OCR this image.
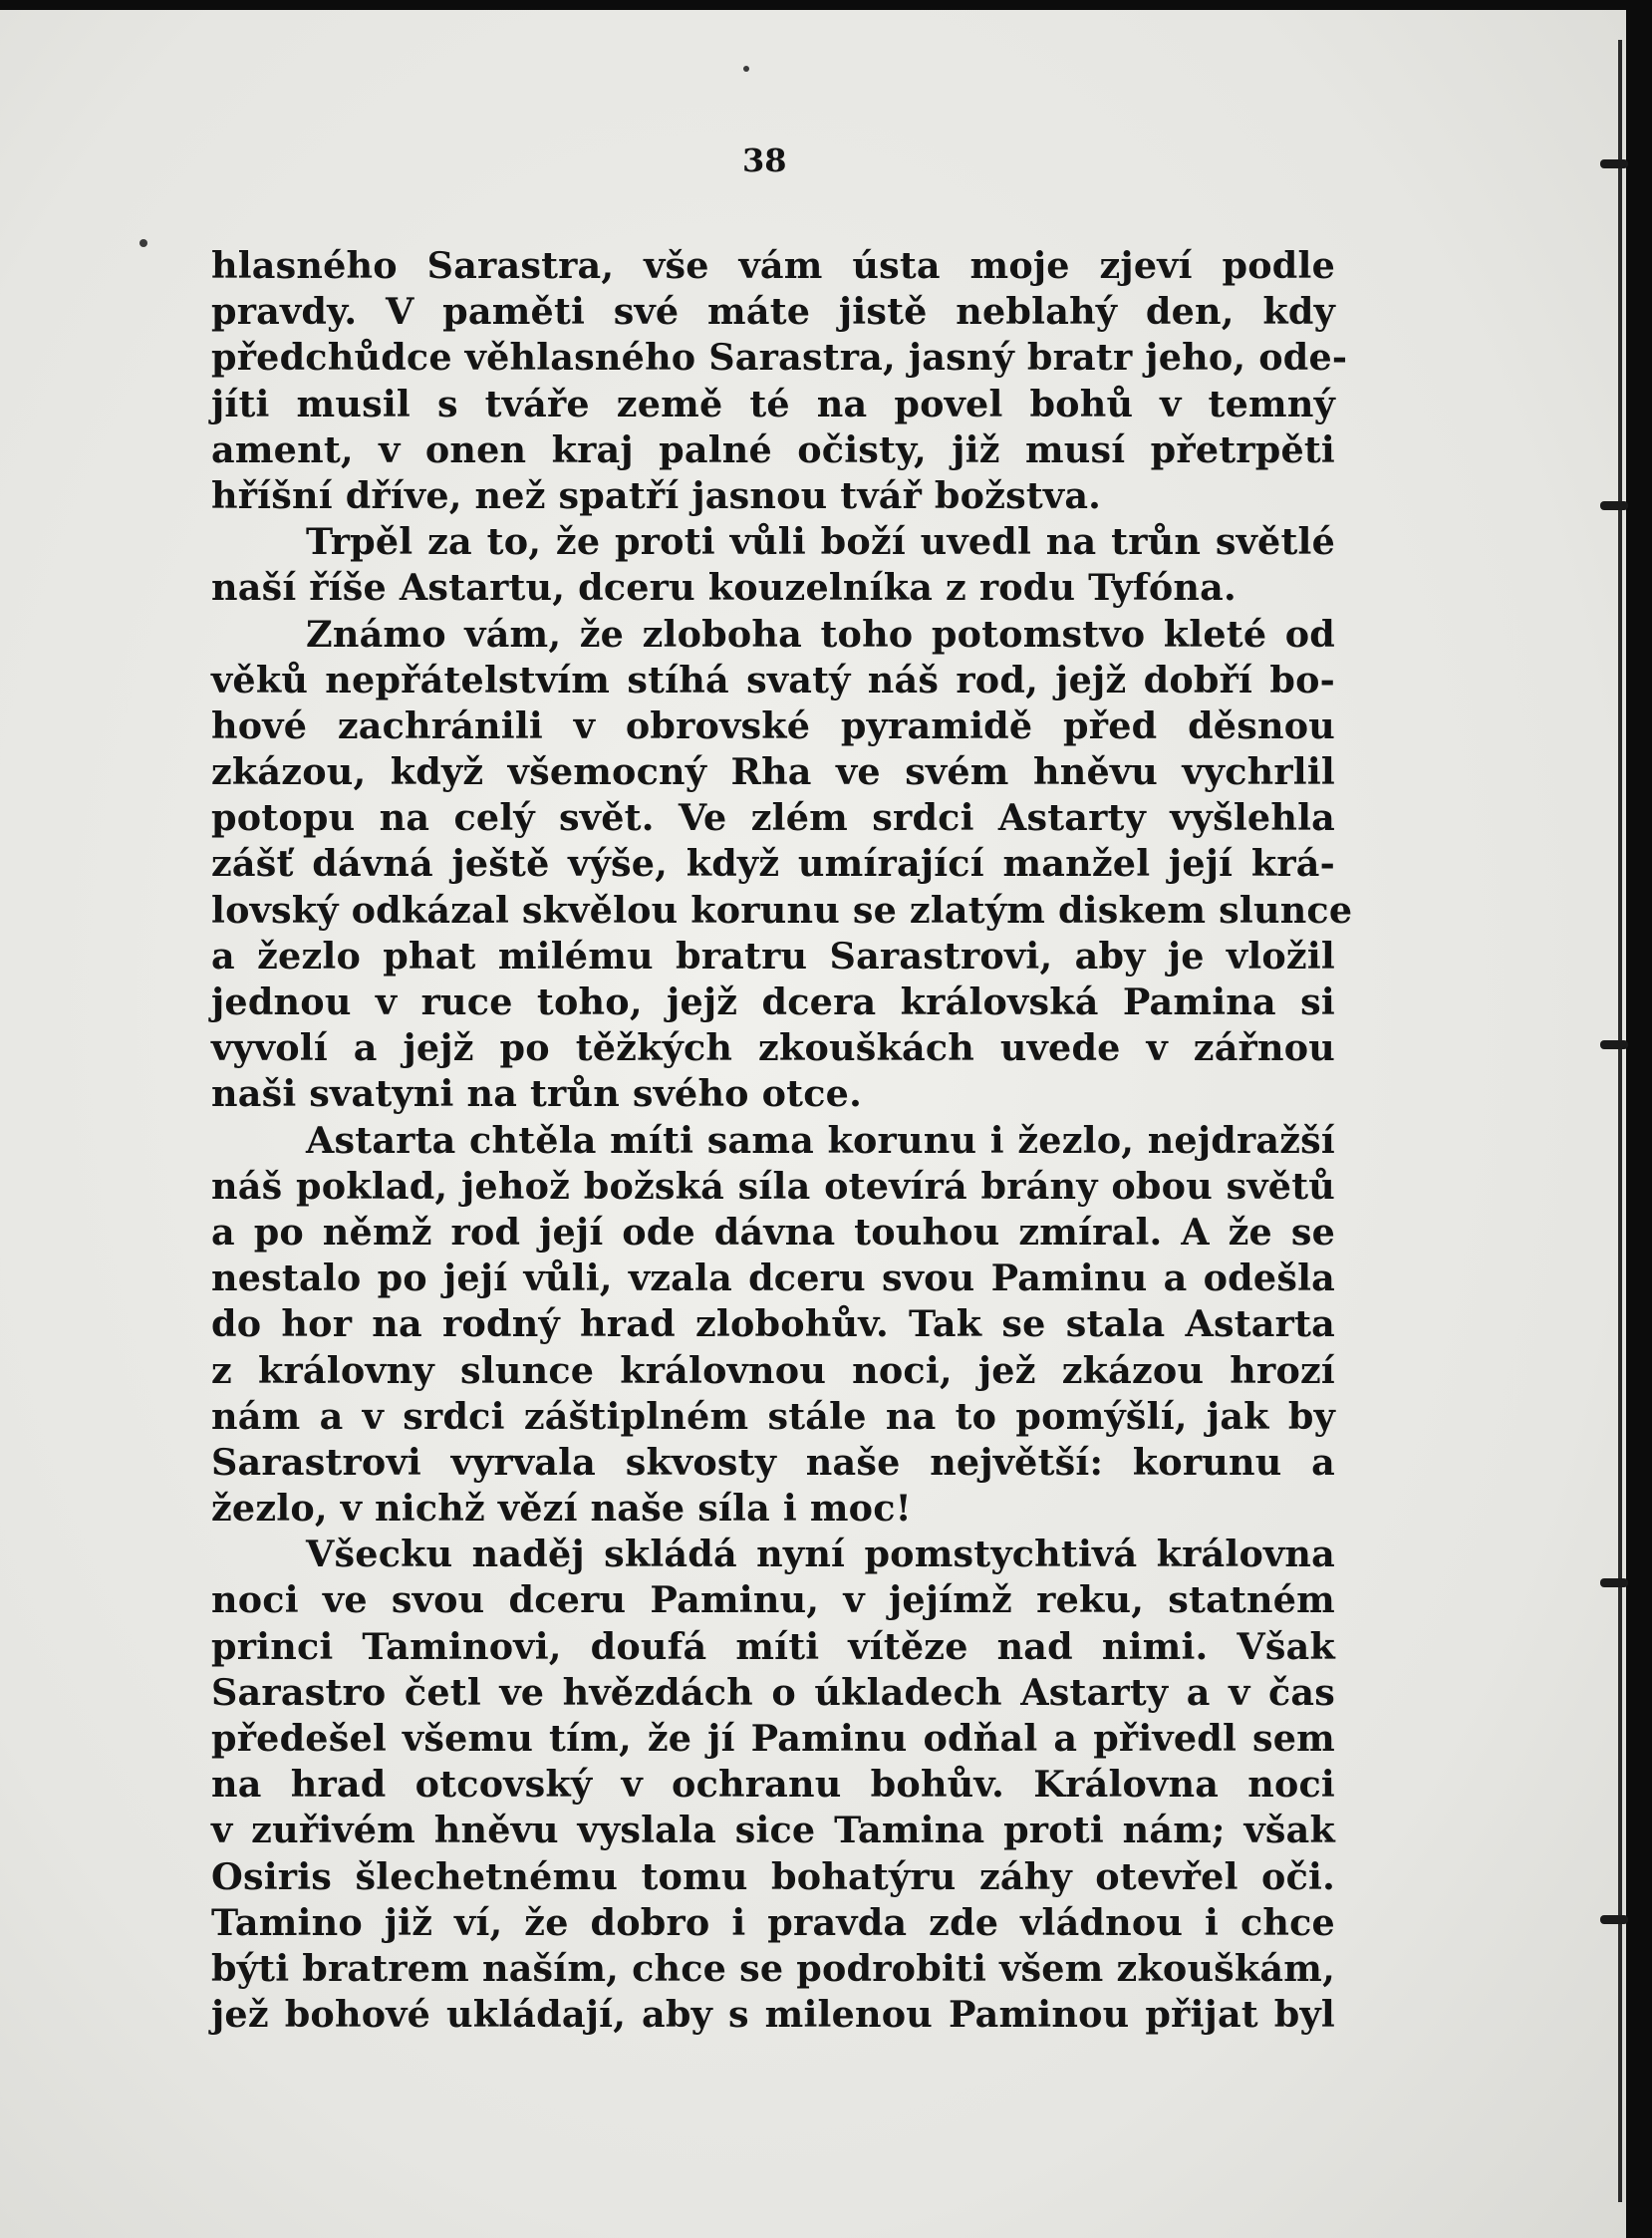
38
hlasného Sarastra, vše vám ústa moje zjeví podle
pravdy. V paměti své máte jistě neblahý den, kdy
předchůdce věhlasného Sarastra, jasný bratr jeho, ode-
jíti musil s tváře země té na povel bohů v temný
ament, v onen kraj palné očisty, již musí přetrpěti
hříšní dříve, než spatří jasnou tvář božstva.
Trpěl za to, že proti vůli boží uvedl na trůn světlé
naší říše Astartu, dceru kouzelníka z rodu Tyfóna.
Známo vám, že zloboha toho potomstvo kleté od
věků nepřátelstvím stíhá svatý náš rod, jejž dobří bo-
hové zachránili v obrovské pyramidě před děsnou
zkázou, když všemocný Rha ve svém hněvu vychrlil
potopu na celý svět. Ve zlém srdci Astarty vyšlehla
zášť dávná ještě výše, když umírající manžel její krá-
lovský odkázal skvělou korunu se zlatým diskem slunce
a žezlo phat milému bratru Sarastrovi, aby je vložil
jednou v ruce toho, jejž dcera královská Pamina si
vyvolí a jejž po těžkých zkouškách uvede v zářnou
naši svatyni na trůn svého otce.
Astarta chtěla míti sama korunu i žezlo, nejdražší
náš poklad, jehož božská síla otevírá brány obou světů
a po němž rod její ode dávna touhou zmíral. A že se
nestalo po její vůli, vzala dceru svou Paminu a odešla
do hor na rodný hrad zlobohův. Tak se stala Astarta
z královny slunce královnou noci, jež zkázou hrozí
nám a v srdci záštiplném stále na to pomýšlí, jak by
Sarastrovi vyrvala skvosty naše největší: korunu a
žezlo, v nichž vězí naše síla i moc!
Všecku naděj skládá nyní pomstychtivá královna
noci ve svou dceru Paminu, v jejímž reku, statném
princi Taminovi, doufá míti vítěze nad nimi. Však
Sarastro četl ve hvězdách o úkladech Astarty a v čas
předešel všemu tím, že jí Paminu odňal a přivedl sem
na hrad otcovský v ochranu bohův. Královna noci
v zuřivém hněvu vyslala sice Tamina proti nám; však
Osiris šlechetnému tomu bohatýru záhy otevřel oči.
Tamino již ví, že dobro i pravda zde vládnou i chce
býti bratrem naším, chce se podrobiti všem zkouškám,
jež bohové ukládají, aby s milenou Paminou přijat byl
